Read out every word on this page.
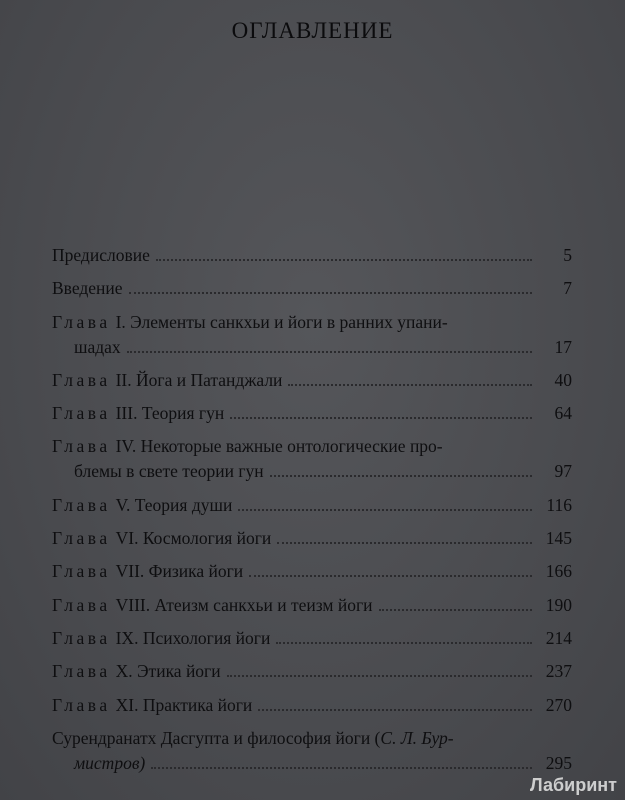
ОГЛАВЛЕНИЕ
Предисловие	5
Введение	7
Глава I. Элементы санкхьи и йоги в ранних упани-
шадах	17
Глава II. Йога и Патанджали	40
Глава III. Теория гун	64
Глава IV. Некоторые важные онтологические про-
блемы в свете теории гун	97
Глава V. Теория души	116
Глава VI. Космология йоги	145
Глава VII. Физика йоги	166
Глава VIII. Атеизм санкхьи и теизм йоги	190
Глава IX. Психология йоги	214
Глава X. Этика йоги	237
Глава XI. Практика йоги	270
Сурендранатх Дасгупта и философия йоги (С. Л. Бур-
мистров)	295
Лабиринт
